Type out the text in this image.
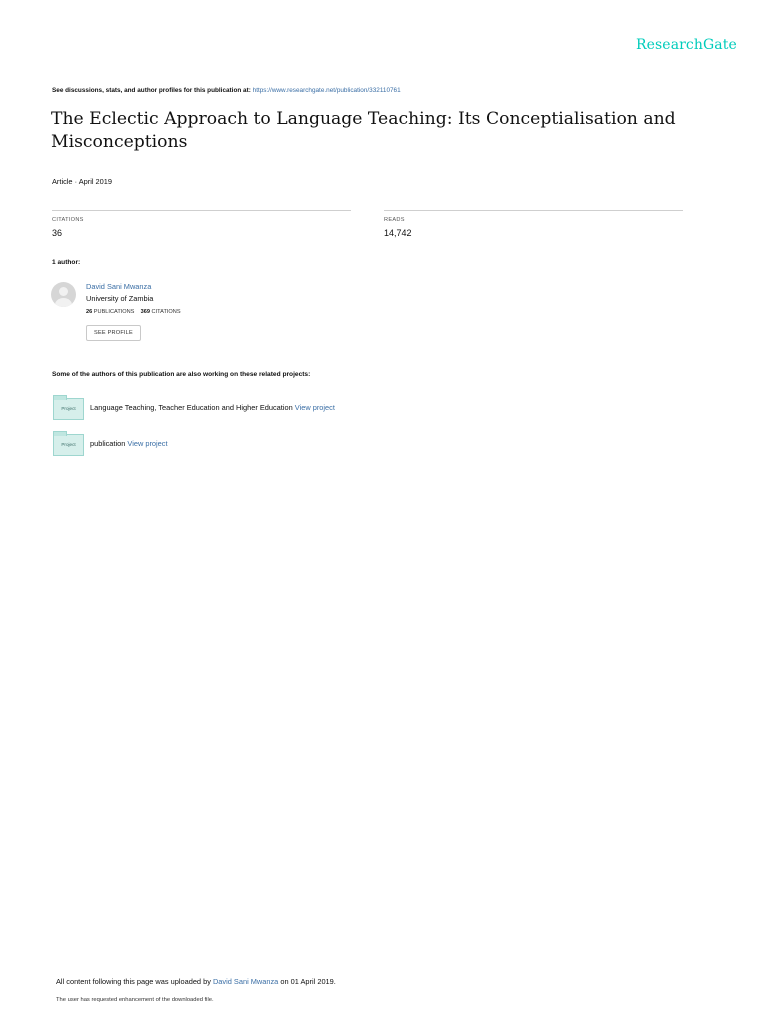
ResearchGate
See discussions, stats, and author profiles for this publication at: https://www.researchgate.net/publication/332110761
The Eclectic Approach to Language Teaching: Its Conceptialisation and Misconceptions
Article · April 2019
CITATIONS
36
READS
14,742
1 author:
David Sani Mwanza
University of Zambia
26 PUBLICATIONS 369 CITATIONS
SEE PROFILE
Some of the authors of this publication are also working on these related projects:
Project	Language Teaching, Teacher Education and Higher Education View project
Project	publication View project
All content following this page was uploaded by David Sani Mwanza on 01 April 2019.
The user has requested enhancement of the downloaded file.
